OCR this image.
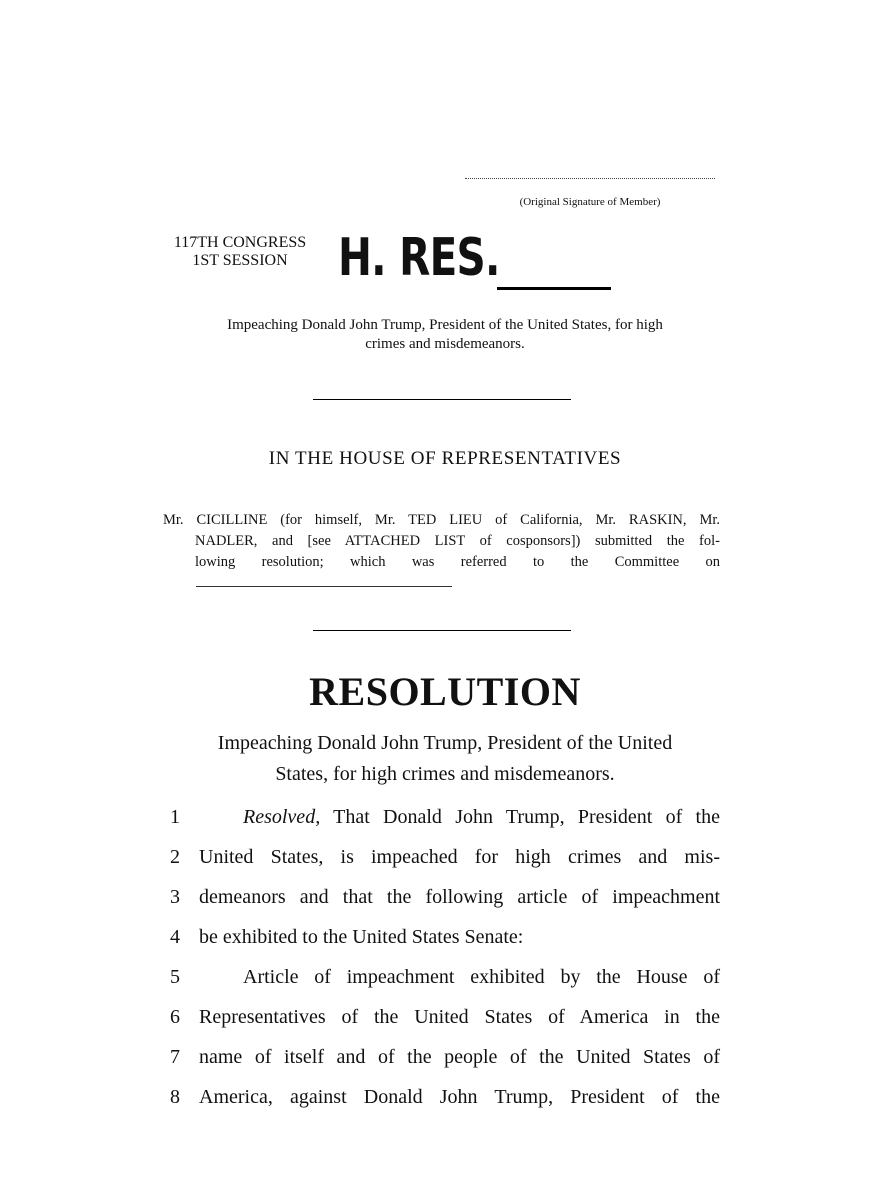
(Original Signature of Member)
117TH CONGRESS
1ST SESSION H. RES.
Impeaching Donald John Trump, President of the United States, for high
crimes and misdemeanors.
IN THE HOUSE OF REPRESENTATIVES
Mr. CICILLINE (for himself, Mr. TED LIEU of California, Mr. RASKIN, Mr.
NADLER, and [see ATTACHED LIST of cosponsors]) submitted the fol-
lowing resolution; which was referred to the Committee on
RESOLUTION
Impeaching Donald John Trump, President of the United
States, for high crimes and misdemeanors.
1	Resolved, That Donald John Trump, President of the
2 United States, is impeached for high crimes and mis-
3 demeanors and that the following article of impeachment
4 be exhibited to the United States Senate:
5	Article of impeachment exhibited by the House of
6 Representatives of the United States of America in the
7 name of itself and of the people of the United States of
8 America, against Donald John Trump, President of the
